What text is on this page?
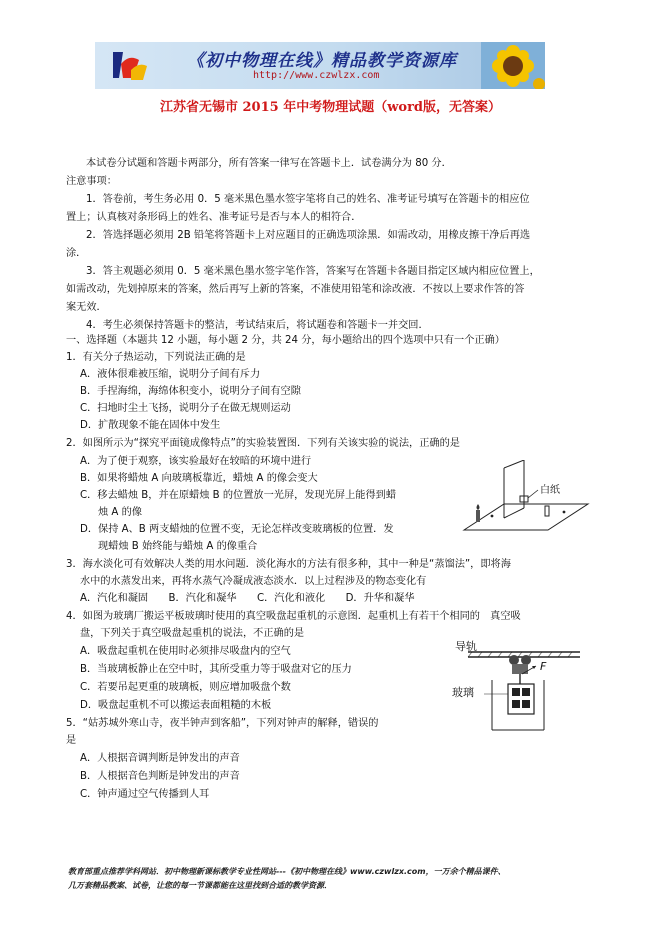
《初中物理在线》精品教学资源库
http://www.czwlzx.com
江苏省无锡市 2015 年中考物理试题（word版，无答案）
本试卷分试题和答题卡两部分，所有答案一律写在答题卡上．试卷满分为 80 分．
注意事项：
1．答卷前，考生务必用 0．5 毫米黑色墨水签字笔将自己的姓名、准考证号填写在答题卡的相应位
置上；认真核对条形码上的姓名、准考证号是否与本人的相符合．
2．答选择题必须用 2B 铅笔将答题卡上对应题目的正确选项涂黑．如需改动，用橡皮擦干净后再选
涂．
3．答主观题必须用 0．5 毫米黑色墨水签字笔作答，答案写在答题卡各题目指定区域内相应位置上，
如需改动，先划掉原来的答案，然后再写上新的答案，不准使用铅笔和涂改液．不按以上要求作答的答
案无效．
4．考生必须保持答题卡的整洁，考试结束后，将试题卷和答题卡一并交回．
一、选择题（本题共 12 小题，每小题 2 分，共 24 分，每小题给出的四个选项中只有一个正确）
1．有关分子热运动，下列说法正确的是
A．液体很难被压缩，说明分子间有斥力
B．手捏海绵，海绵体积变小，说明分子间有空隙
C．扫地时尘土飞扬，说明分子在做无规则运动
D．扩散现象不能在固体中发生
2．如图所示为“探究平面镜成像特点”的实验装置图．下列有关该实验的说法，正确的是
A．为了便于观察，该实验最好在较暗的环境中进行
B．如果将蜡烛 A 向玻璃板靠近，蜡烛 A 的像会变大
C．移去蜡烛 B，并在原蜡烛 B 的位置放一光屏，发现光屏上能得到蜡
烛 A 的像
D．保持 A、B 两支蜡烛的位置不变，无论怎样改变玻璃板的位置．发
现蜡烛 B 始终能与蜡烛 A 的像重合
3．海水淡化可有效解决人类的用水问题．淡化海水的方法有很多种，其中一种是“蒸馏法”，即将海
水中的水蒸发出来，再将水蒸气冷凝成液态淡水．以上过程涉及的物态变化有
A．汽化和凝固　　B．汽化和凝华　　C．汽化和液化　　D．升华和凝华
4．如图为玻璃厂搬运平板玻璃时使用的真空吸盘起重机的示意图．起重机上有若干个相同的　真空吸
盘，下列关于真空吸盘起重机的说法，不正确的是
A．吸盘起重机在使用时必须排尽吸盘内的空气
B．当玻璃板静止在空中时，其所受重力等于吸盘对它的压力
C．若要吊起更重的玻璃板，则应增加吸盘个数
D．吸盘起重机不可以搬运表面粗糙的木板
5．“姑苏城外寒山寺，夜半钟声到客船”，下列对钟声的解释，错误的
是
A．人根据音调判断是钟发出的声音
B．人根据音色判断是钟发出的声音
C．钟声通过空气传播到人耳
白纸
导轨
F
玻璃
教育部重点推荐学科网站．初中物理新课标教学专业性网站---《初中物理在线》www.czwlzx.com，一万余个精品课件、
几万套精品教案、试卷，让您的每一节课都能在这里找到合适的教学资源．
